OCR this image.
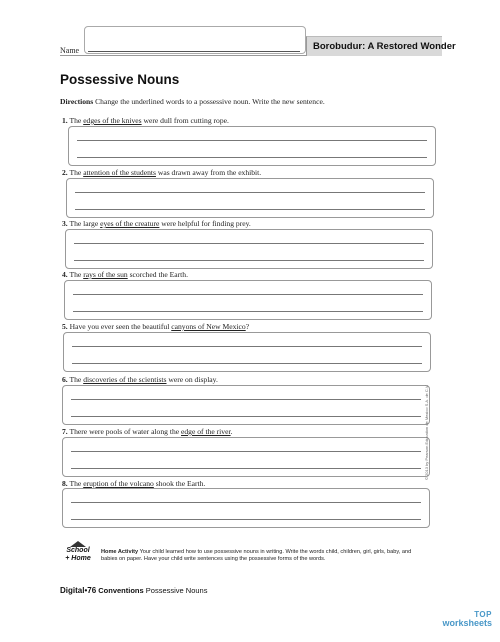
Name	Borobudur: A Restored Wonder
Possessive Nouns
Directions Change the underlined words to a possessive noun. Write the new sentence.
1. The edges of the knives were dull from cutting rope.
2. The attention of the students was drawn away from the exhibit.
3. The large eyes of the creature were helpful for finding prey.
4. The rays of the sun scorched the Earth.
5. Have you ever seen the beautiful canyons of New Mexico?
6. The discoveries of the scientists were on display.
7. There were pools of water along the edge of the river.
8. The eruption of the volcano shook the Earth.
© 2013 by Pearson Education de Mexico S.A. de C.V.
School
+ Home
Home Activity Your child learned how to use possessive nouns in writing. Write the words child, children, girl, girls, baby, and babies on paper. Have your child write sentences using the possessive forms of the words.
Digital•76 Conventions Possessive Nouns
TOP
worksheets
